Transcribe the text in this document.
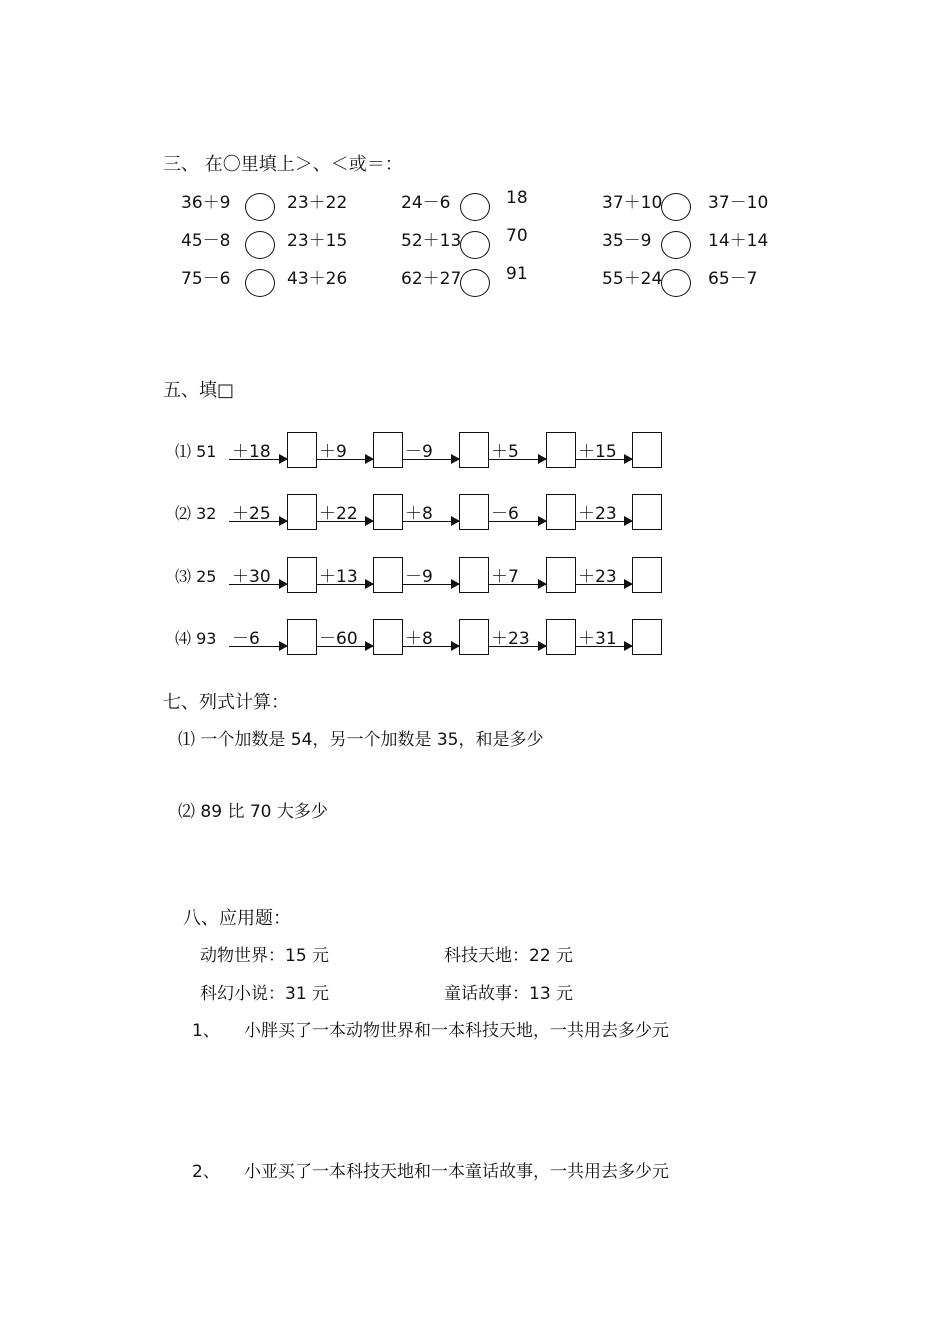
三、 在〇里填上＞、＜或＝：
36＋9	23＋22	24－6	18	37＋10	37－10
45－8	23＋15	52＋13	70	35－9	14＋14
75－6	43＋26	62＋27	91	55＋24	65－7
五、填□
⑴ 51 ＋18	＋9	－9	＋5	＋15
⑵ 32 ＋25	＋22	＋8	－6	＋23
⑶ 25 ＋30	＋13	－9	＋7	＋23
⑷ 93 －6	－60	＋8	＋23	＋31
七、列式计算：
⑴ 一个加数是 54，另一个加数是 35，和是多少
⑵ 89 比 70 大多少
八、应用题：
动物世界：15 元	科技天地：22 元
科幻小说：31 元	童话故事：13 元
1、 小胖买了一本动物世界和一本科技天地，一共用去多少元
2、 小亚买了一本科技天地和一本童话故事，一共用去多少元
